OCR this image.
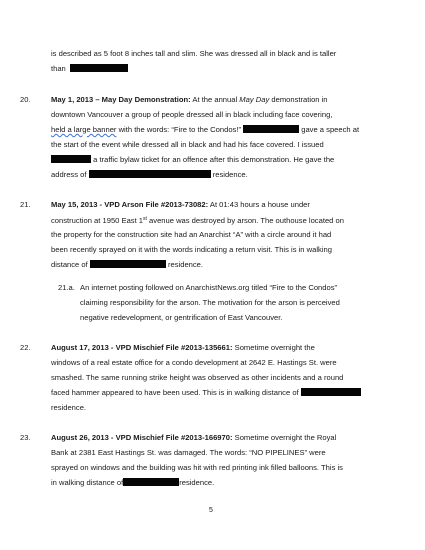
is described as 5 foot 8 inches tall and slim. She was dressed all in black and is taller
than
20.	May 1, 2013 – May Day Demonstration: At the annual May Day demonstration in
downtown Vancouver a group of people dressed all in black including face covering,
held a large banner with the words: “Fire to the Condos!”	gave a speech at
the start of the event while dressed all in black and had his face covered. I issued
a traffic bylaw ticket for an offence after this demonstration. He gave the
address of	residence.
21.	May 15, 2013 - VPD Arson File #2013-73082: At 01:43 hours a house under
construction at 1950 East 1st avenue was destroyed by arson. The outhouse located on
the property for the construction site had an Anarchist “A” with a circle around it had
been recently sprayed on it with the words indicating a return visit. This is in walking
distance of	residence.
21.a. An internet posting followed on AnarchistNews.org titled “Fire to the Condos”
claiming responsibility for the arson. The motivation for the arson is perceived
negative redevelopment, or gentrification of East Vancouver.
22.	August 17, 2013 - VPD Mischief File #2013-135661: Sometime overnight the
windows of a real estate office for a condo development at 2642 E. Hastings St. were
smashed. The same running strike height was observed as other incidents and a round
faced hammer appeared to have been used. This is in walking distance of
residence.
23.	August 26, 2013 - VPD Mischief File #2013-166970: Sometime overnight the Royal
Bank at 2381 East Hastings St. was damaged. The words: “NO PIPELINES” were
sprayed on windows and the building was hit with red printing ink filled balloons. This is
in walking distance of	residence.
5
